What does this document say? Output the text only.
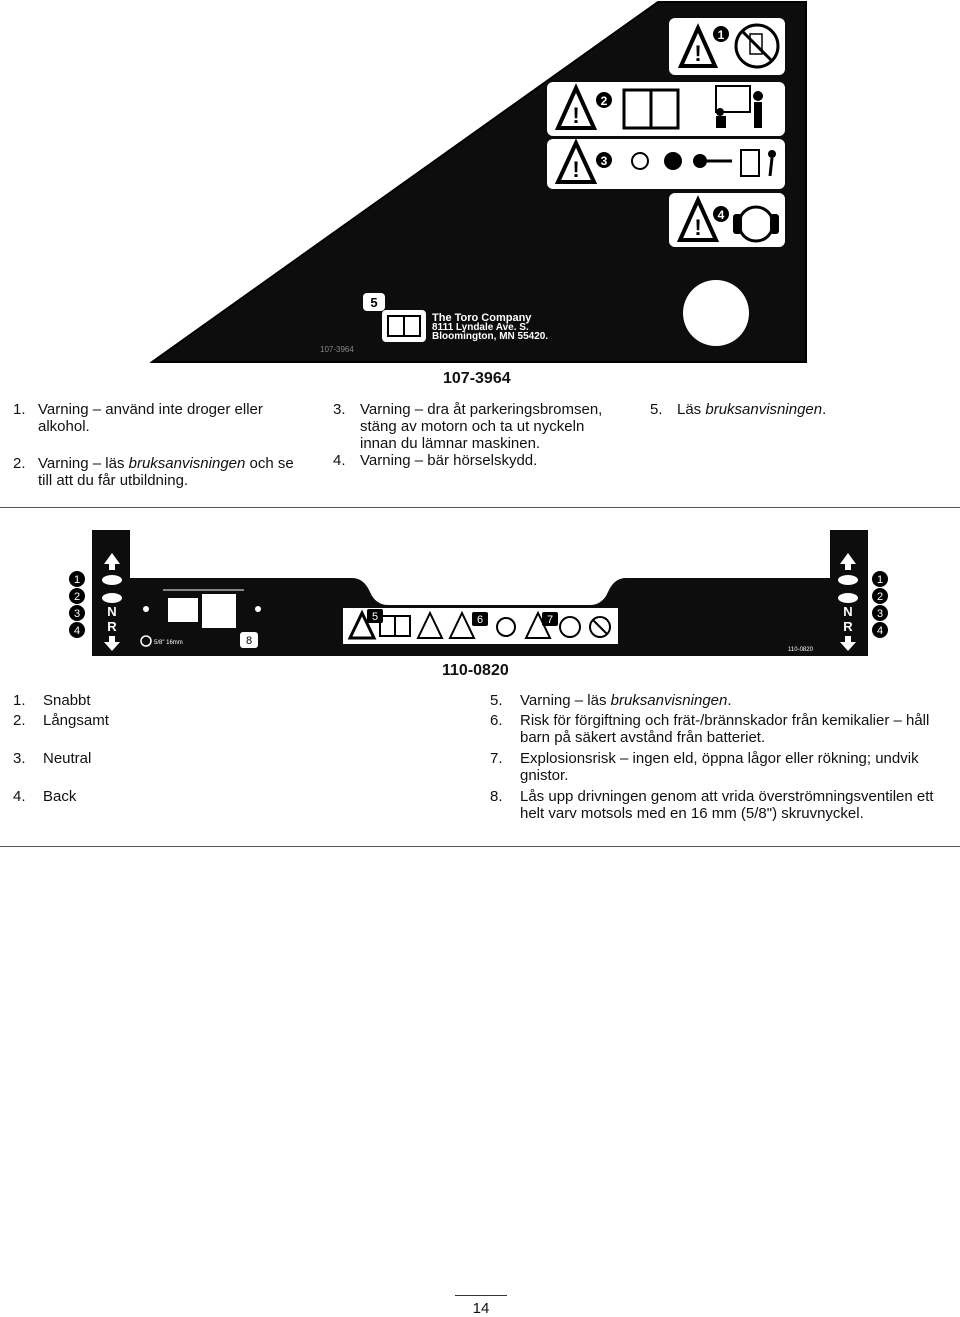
!
1
!
2
! 3
! 4
5
The Toro Company
8111 Lyndale Ave. S.
Bloomington, MN 55420.
107-3964
107-3964
1. Varning – använd inte droger eller alkohol.
2. Varning – läs bruksanvisningen och se till att du får utbildning.
3. Varning – dra åt parkeringsbromsen, stäng av motorn och ta ut nyckeln innan du lämnar maskinen.
4. Varning – bär hörselskydd.
5. Läs bruksanvisningen.
1
2
3
4
N
R
1
2
3
4
N
R
5/8" 16mm	8
5	6	7
110-0820
110-0820
1.	Snabbt
2.	Långsamt
3.	Neutral
4.	Back
5.	Varning – läs bruksanvisningen.
6.	Risk för förgiftning och frät-/brännskador från kemikalier – håll barn på säkert avstånd från batteriet.
7.	Explosionsrisk – ingen eld, öppna lågor eller rökning; undvik gnistor.
8.	Lås upp drivningen genom att vrida överströmningsventilen ett helt varv motsols med en 16 mm (5/8") skruvnyckel.
14
